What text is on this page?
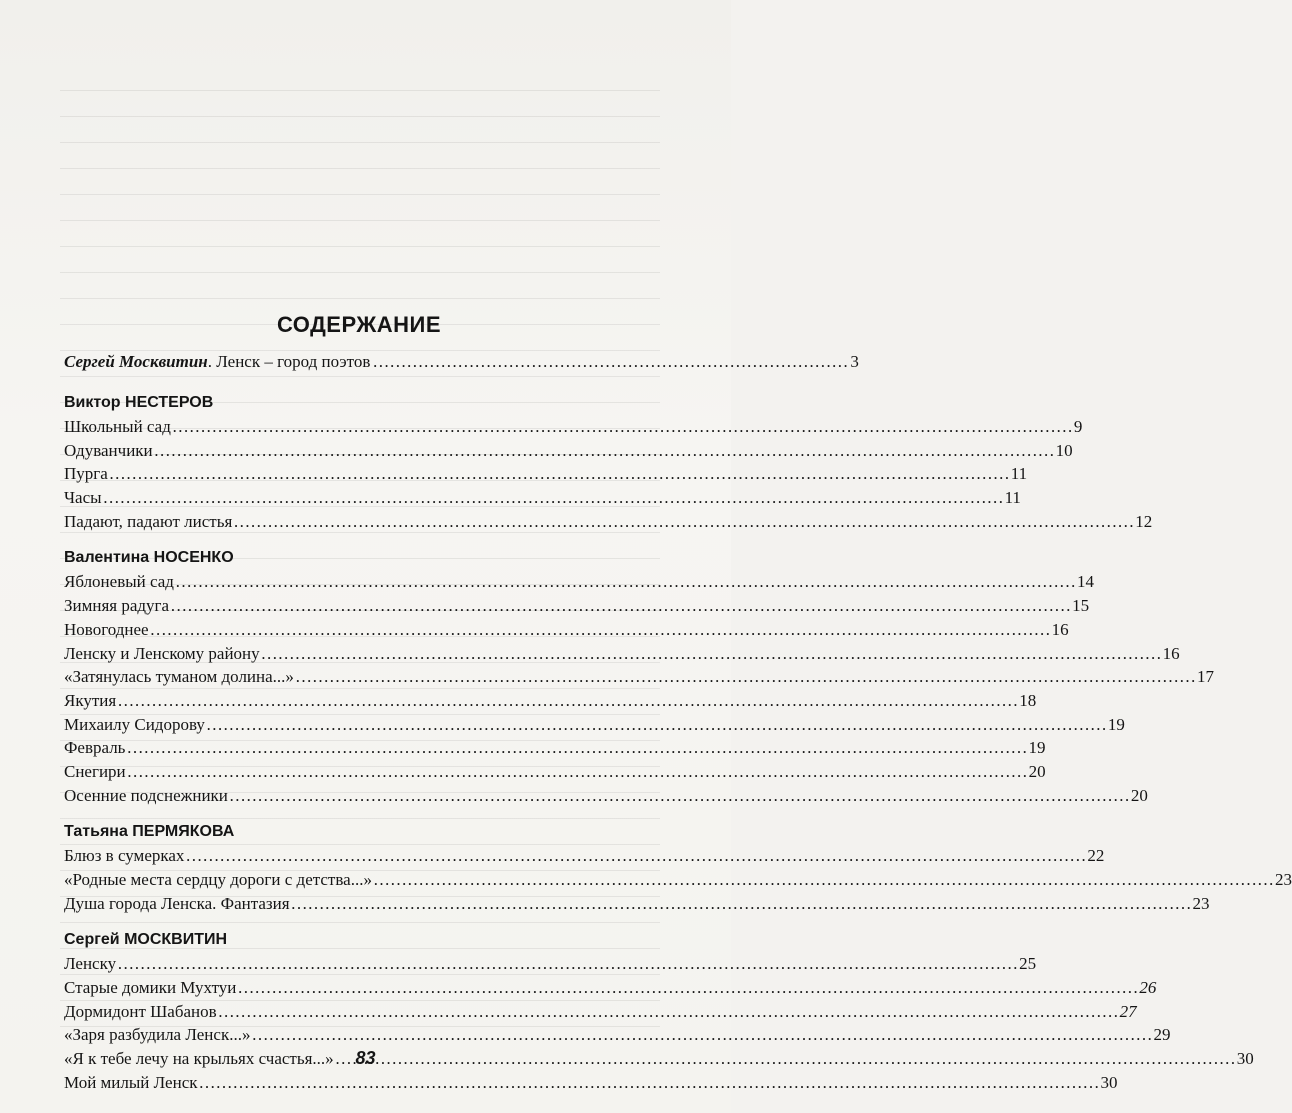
СОДЕРЖАНИЕ
Сергей Москвитин . Ленск – город поэтов ………………………………………………………………………… 3
Виктор НЕСТЕРОВ
Школьный сад ……………………………………………………………………………………………………………………………………………	9
Одуванчики ……………………………………………………………………………………………………………………………………………	10
Пурга ……………………………………………………………………………………………………………………………………………	11
Часы ……………………………………………………………………………………………………………………………………………	11
Падают, падают листья ……………………………………………………………………………………………………………………………………………	12
Валентина НОСЕНКО
Яблоневый сад ……………………………………………………………………………………………………………………………………………	14
Зимняя радуга ……………………………………………………………………………………………………………………………………………	15
Новогоднее ……………………………………………………………………………………………………………………………………………	16
Ленску и Ленскому району ……………………………………………………………………………………………………………………………………………	16
«Затянулась туманом долина...» ……………………………………………………………………………………………………………………………………………	17
Якутия ……………………………………………………………………………………………………………………………………………	18
Михаилу Сидорову ……………………………………………………………………………………………………………………………………………	19
Февраль ……………………………………………………………………………………………………………………………………………	19
Снегири ……………………………………………………………………………………………………………………………………………	20
Осенние подснежники ……………………………………………………………………………………………………………………………………………	20
Татьяна ПЕРМЯКОВА
Блюз в сумерках ……………………………………………………………………………………………………………………………………………	22
«Родные места сердцу дороги с детства...» ……………………………………………………………………………………………………………………………………………	23
Душа города Ленска. Фантазия ……………………………………………………………………………………………………………………………………………	23
Сергей МОСКВИТИН
Ленску ……………………………………………………………………………………………………………………………………………	25
Старые домики Мухтуи ……………………………………………………………………………………………………………………………………………	26
Дормидонт Шабанов ……………………………………………………………………………………………………………………………………………	27
«Заря разбудила Ленск...» ……………………………………………………………………………………………………………………………………………	29
«Я к тебе лечу на крыльях счастья...» ……………………………………………………………………………………………………………………………………………	30
Мой милый Ленск ……………………………………………………………………………………………………………………………………………	30
83
